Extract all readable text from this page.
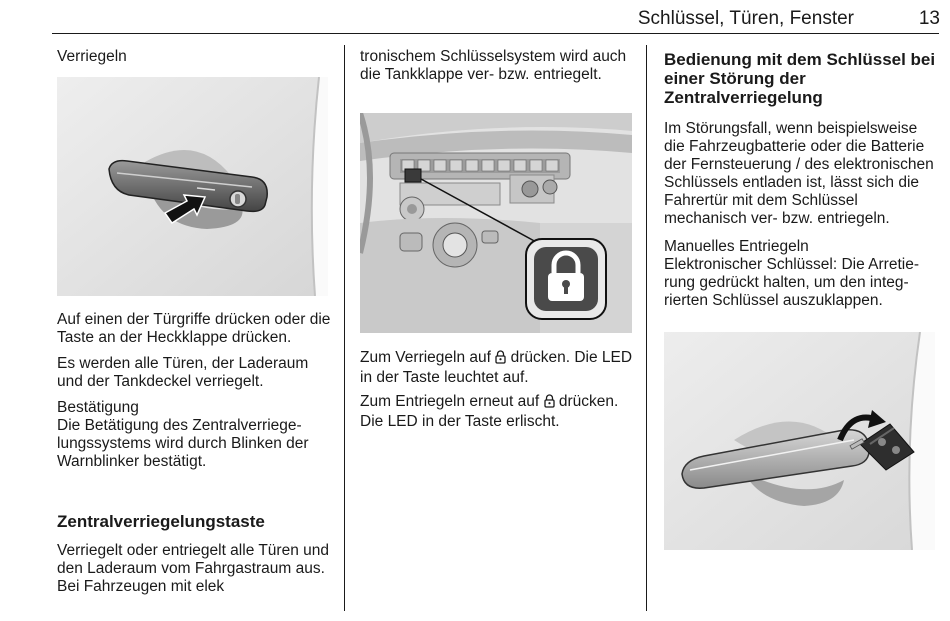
Schlüssel, Türen, Fenster	13
Verriegeln

Auf einen der Türgriffe drücken oder die Taste an der Heckklappe drücken.

Es werden alle Türen, der Laderaum und der Tankdeckel verriegelt.

Bestätigung

Die Betätigung des Zentralverriegelungssystems wird durch Blinken der Warnblinker bestätigt.

Zentralverriegelungstaste

Verriegelt oder entriegelt alle Türen und den Laderaum vom Fahrgastraum aus. Bei Fahrzeugen mit elek

tronischem Schlüsselsystem wird auch die Tankklappe ver- bzw. entriegelt.

Zum Verriegeln auf drücken. Die LED in der Taste leuchtet auf.

Zum Entriegeln erneut auf drücken. Die LED in der Taste erlischt.

Bedienung mit dem Schlüssel bei einer Störung der Zentralverriegelung

Im Störungsfall, wenn beispielsweise die Fahrzeugbatterie oder die Batterie der Fernsteuerung / des elektronischen Schlüssels entladen ist, lässt sich die Fahrertür mit dem Schlüssel mechanisch ver- bzw. entriegeln.

Manuelles Entriegeln

Elektronischer Schlüssel: Die Arretierung gedrückt halten, um den integrierten Schlüssel auszuklappen.
